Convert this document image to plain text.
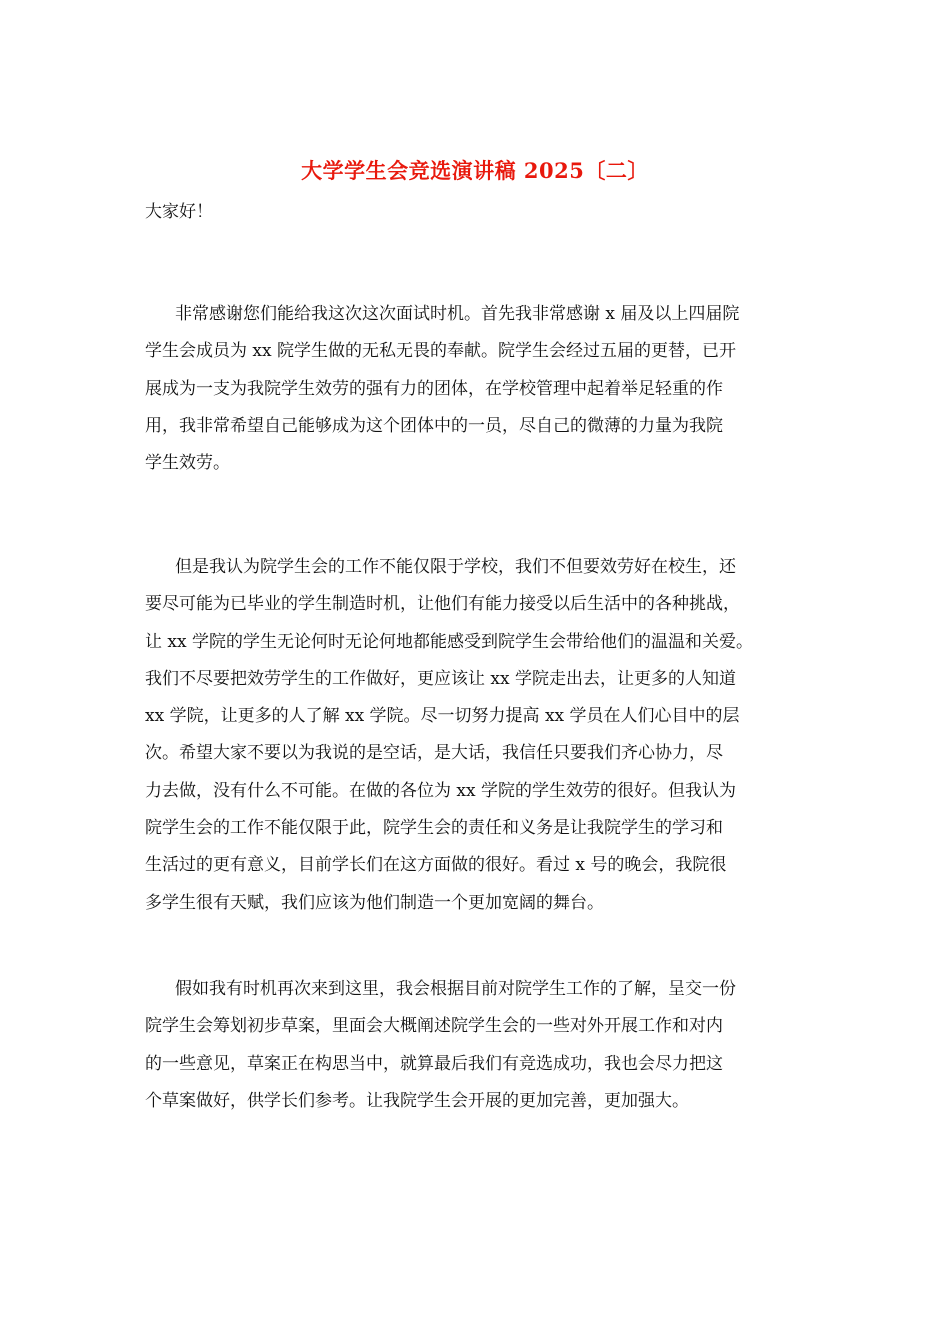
大学学生会竞选演讲稿 2025〔二〕
大家好！
非常感谢您们能给我这次这次面试时机。首先我非常感谢 x 届及以上四届院
学生会成员为 xx 院学生做的无私无畏的奉献。院学生会经过五届的更替，已开
展成为一支为我院学生效劳的强有力的团体，在学校管理中起着举足轻重的作
用，我非常希望自己能够成为这个团体中的一员，尽自己的微薄的力量为我院
学生效劳。
但是我认为院学生会的工作不能仅限于学校，我们不但要效劳好在校生，还
要尽可能为已毕业的学生制造时机，让他们有能力接受以后生活中的各种挑战，
让 xx 学院的学生无论何时无论何地都能感受到院学生会带给他们的温温和关爱。
我们不尽要把效劳学生的工作做好，更应该让 xx 学院走出去，让更多的人知道
xx 学院，让更多的人了解 xx 学院。尽一切努力提高 xx 学员在人们心目中的层
次。希望大家不要以为我说的是空话，是大话，我信任只要我们齐心协力，尽
力去做，没有什么不可能。在做的各位为 xx 学院的学生效劳的很好。但我认为
院学生会的工作不能仅限于此，院学生会的责任和义务是让我院学生的学习和
生活过的更有意义，目前学长们在这方面做的很好。看过 x 号的晚会，我院很
多学生很有天赋，我们应该为他们制造一个更加宽阔的舞台。
假如我有时机再次来到这里，我会根据目前对院学生工作的了解，呈交一份
院学生会筹划初步草案，里面会大概阐述院学生会的一些对外开展工作和对内
的一些意见，草案正在构思当中，就算最后我们有竞选成功，我也会尽力把这
个草案做好，供学长们参考。让我院学生会开展的更加完善，更加强大。
